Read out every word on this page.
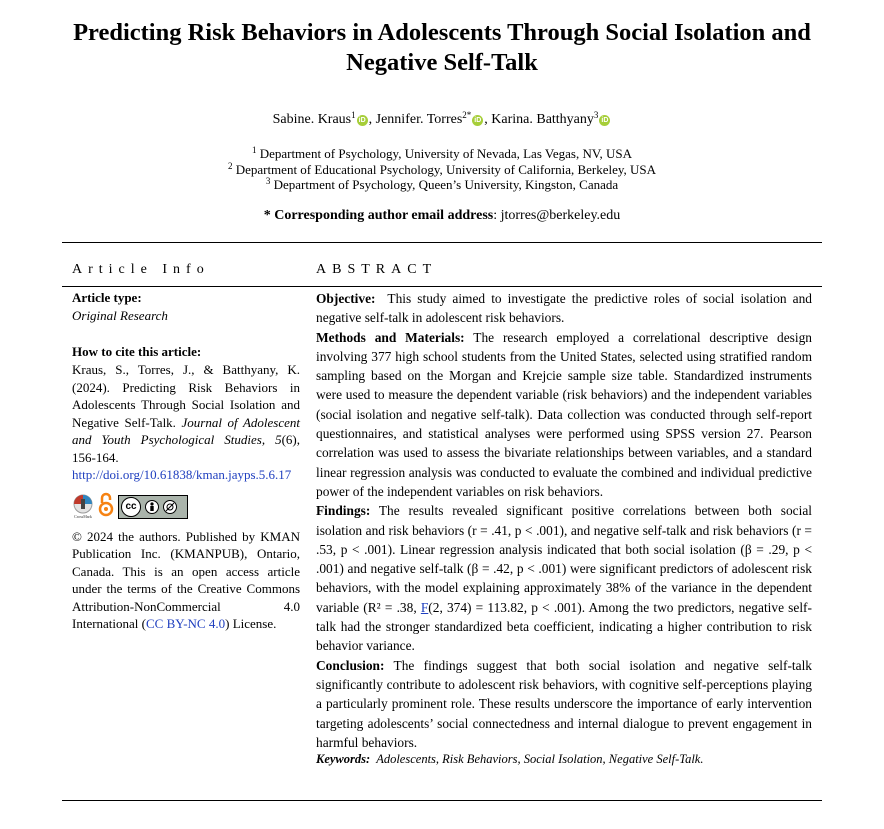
Predicting Risk Behaviors in Adolescents Through Social Isolation and Negative Self-Talk
Sabine. Kraus$^1$iD , Jennifer. Torres$^{2*}$iD , Karina. Batthyany$^3$iD
$^1$ Department of Psychology, University of Nevada, Las Vegas, NV, USA
$^2$ Department of Educational Psychology, University of California, Berkeley, USA
$^3$ Department of Psychology, Queen’s University, Kingston, Canada
* Corresponding author email address: jtorres@berkeley.edu
Article Info	ABSTRACT

Article type:

Original Research

How to cite this article:

Kraus, S., Torres, J., & Batthyany, K. (2024). Predicting Risk Behaviors in Adolescents Through Social Isolation and Negative Self-Talk. Journal of Adolescent and Youth Psychological Studies, 5(6), 156-164. http://doi.org/10.61838/kman.jayps.5.6.17

CrossMark
cc

© 2024 the authors. Published by KMAN Publication Inc. (KMANPUB), Ontario, Canada. This is an open access article under the terms of the Creative Commons Attribution-NonCommercial 4.0 International (CC BY-NC 4.0) License.

Objective: This study aimed to investigate the predictive roles of social isolation and negative self-talk in adolescent risk behaviors.

Methods and Materials: The research employed a correlational descriptive design involving 377 high school students from the United States, selected using stratified random sampling based on the Morgan and Krejcie sample size table. Standardized instruments were used to measure the dependent variable (risk behaviors) and the independent variables (social isolation and negative self-talk). Data collection was conducted through self-report questionnaires, and statistical analyses were performed using SPSS version 27. Pearson correlation was used to assess the bivariate relationships between variables, and a standard linear regression analysis was conducted to evaluate the combined and individual predictive power of the independent variables on risk behaviors.

Findings: The results revealed significant positive correlations between both social isolation and risk behaviors (r = .41, p < .001), and negative self-talk and risk behaviors (r = .53, p < .001). Linear regression analysis indicated that both social isolation (β = .29, p < .001) and negative self-talk (β = .42, p < .001) were significant predictors of adolescent risk behaviors, with the model explaining approximately 38% of the variance in the dependent variable (R² = .38, F(2, 374) = 113.82, p < .001). Among the two predictors, negative self-talk had the stronger standardized beta coefficient, indicating a higher contribution to risk behavior variance.

Conclusion: The findings suggest that both social isolation and negative self-talk significantly contribute to adolescent risk behaviors, with cognitive self-perceptions playing a particularly prominent role. These results underscore the importance of early intervention targeting adolescents’ social connectedness and internal dialogue to prevent engagement in harmful behaviors.

Keywords: Adolescents, Risk Behaviors, Social Isolation, Negative Self-Talk.
